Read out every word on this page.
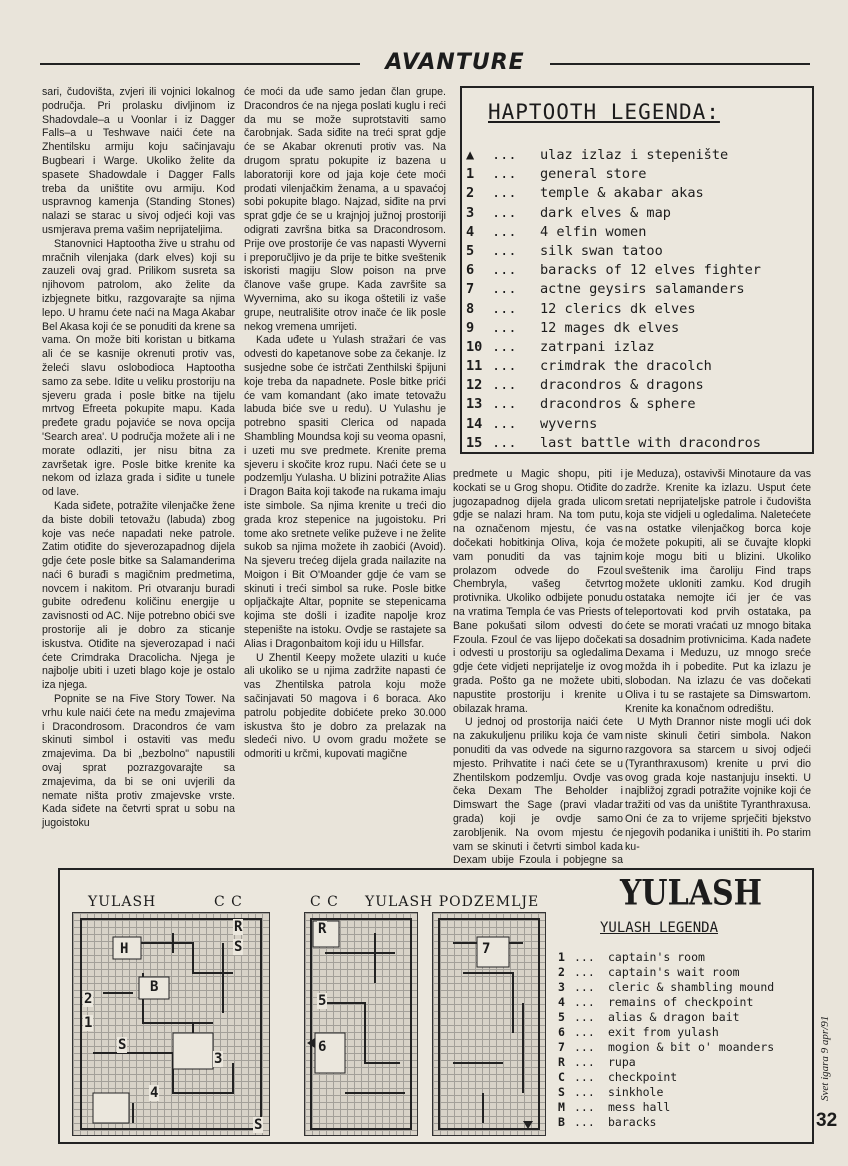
AVANTURE

sari, čudovišta, zvjeri ili vojnici lokalnog područja. Pri prolasku divljinom iz Shadovdale–a u Voonlar i iz Dagger Falls–a u Teshwave naići ćete na Zhentilsku armiju koju sačinjavaju Bugbeari i Warge. Ukoliko želite da spasete Shadowdale i Dagger Falls treba da uništite ovu armiju. Kod uspravnog kamenja (Standing Stones) nalazi se starac u sivoj odjeći koji vas usmjerava prema vašim neprijateljima.

Stanovnici Haptootha žive u strahu od mračnih vilenjaka (dark elves) koji su zauzeli ovaj grad. Prilikom susreta sa njihovom patrolom, ako želite da izbjegnete bitku, razgovarajte sa njima lepo. U hramu ćete naći na Maga Akabar Bel Akasa koji će se ponuditi da krene sa vama. On može biti koristan u bitkama ali će se kasnije okrenuti protiv vas, želeći slavu oslobodioca Haptootha samo za sebe. Idite u veliku prostoriju na sjeveru grada i posle bitke na tijelu mrtvog Efreeta pokupite mapu. Kada pređete gradu pojaviće se nova opcija 'Search area'. U područja možete ali i ne morate odlaziti, jer nisu bitna za završetak igre. Posle bitke krenite ka nekom od izlaza grada i siđite u tunele od lave.

Kada siđete, potražite vilenjačke žene da biste dobili tetovažu (labuda) zbog koje vas neće napadati neke patrole. Zatim otiđite do sjeverozapadnog dijela gdje ćete posle bitke sa Salamanderima naći 6 burađi s magičnim predmetima, novcem i nakitom. Pri otvaranju buradi gubite određenu količinu energije u zavisnosti od AC. Nije potrebno obići sve prostorije ali je dobro za sticanje iskustva. Otiđite na sjeverozapad i naći ćete Crimdraka Dracolicha. Njega je najbolje ubiti i uzeti blago koje je ostalo iza njega.

Popnite se na Five Story Tower. Na vrhu kule naići ćete na među zmajevima i Dracondrosom. Dracondros će vam skinuti simbol i ostaviti vas među zmajevima. Da bi „bezbolno" napustili ovaj sprat pozrazgovarajte sa zmajevima, da bi se oni uvjerili da nemate ništa protiv zmajevske vrste. Kada siđete na četvrti sprat u sobu na jugoistoku

će moći da uđe samo jedan član grupe. Dracondros će na njega poslati kuglu i reći da mu se može suprotstaviti samo čarobnjak. Sada siđite na treći sprat gdje će se Akabar okrenuti protiv vas. Na drugom spratu pokupite iz bazena u laboratoriji kore od jaja koje ćete moći prodati vilenjačkim ženama, a u spavaćoj sobi pokupite blago. Najzad, siđite na prvi sprat gdje će se u krajnjoj južnoj prostoriji odigrati završna bitka sa Dracondrosom. Prije ove prostorije će vas napasti Wyverni i preporučljivo je da prije te bitke sveštenik iskoristi magiju Slow poison na prve članove vaše grupe. Kada završite sa Wyvernima, ako su ikoga oštetili iz vaše grupe, neutrališite otrov inače će lik posle nekog vremena umrijeti.

Kada uđete u Yulash stražari će vas odvesti do kapetanove sobe za čekanje. Iz susjedne sobe će istrčati Zenthilski špijuni koje treba da napadnete. Posle bitke prići će vam komandant (ako imate tetovažu labuda biće sve u redu). U Yulashu je potrebno spasiti Clerica od napada Shambling Moundsa koji su veoma opasni, i uzeti mu sve predmete. Krenite prema sjeveru i skočite kroz rupu. Naći ćete se u podzemlju Yulasha. U blizini potražite Alias i Dragon Baita koji takođe na rukama imaju iste simbole. Sa njima krenite u treći dio grada kroz stepenice na jugoistoku. Pri tome ako sretnete velike puževe i ne želite sukob sa njima možete ih zaobići (Avoid). Na sjeveru trećeg dijela grada nailazite na Moigon i Bit O'Moander gdje će vam se skinuti i treći simbol sa ruke. Posle bitke opljačkajte Altar, popnite se stepenicama kojima ste došli i izađite napolje kroz stepenište na istoku. Ovdje se rastajete sa Alias i Dragonbaitom koji idu u Hillsfar.

U Zhentil Keepy možete ulaziti u kuće ali ukoliko se u njima zadržite napasti će vas Zhentilska patrola koju može sačinjavati 50 magova i 6 boraca. Ako patrolu pobjedite dobićete preko 30.000 iskustva što je dobro za prelazak na sledeći nivo. U ovom gradu možete se odmoriti u krčmi, kupovati magične

HAPTOOTH LEGENDA:
▲ ... ulaz izlaz i stepenište
1 ... general store
2 ... temple & akabar akas
3 ... dark elves & map
4 ... 4 elfin women
5 ... silk swan tatoo
6 ... baracks of 12 elves fighter
7 ... actne geysirs salamanders
8 ... 12 clerics dk elves
9 ... 12 mages dk elves
10 ... zatrpani izlaz
11 ... crimdrak the dracolch
12 ... dracondros & dragons
13 ... dracondros & sphere
14 ... wyverns
15 ... last battle with dracondros

predmete u Magic shopu, piti i kockati se u Grog shopu. Otiđite do jugozapadnog dijela grada ulicom gdje se nalazi hram. Na tom putu, na označenom mjestu, će vas dočekati hobitkinja Oliva, koja će vam ponuditi da vas tajnim prolazom odvede do Fzoul Chembryla, vašeg četvrtog protivnika. Ukoliko odbijete ponudu na vratima Templa će vas Priests of Bane pokušati silom odvesti do Fzoula. Fzoul će vas lijepo dočekati i odvesti u prostoriju sa ogledalima gdje ćete vidjeti neprijatelje iz ovog grada. Pošto ga ne možete ubiti, napustite prostoriju i krenite u obilazak hrama.

U jednoj od prostorija naići ćete na zakukuljenu priliku koja će vam ponuditi da vas odvede na sigurno mjesto. Prihvatite i naći ćete se u Zhentilskom podzemlju. Ovdje vas čeka Dexam The Beholder i Dimswart the Sage (pravi vladar grada) koji je ovdje samo zarobljenik. Na ovom mjestu će vam se skinuti i četvrti simbol kada Dexam ubije Fzoula i pobjegne sa

je Meduza), ostavivši Minotaure da vas zadrže. Krenite ka izlazu. Usput ćete sretati neprijateljske patrole i čudovišta koja ste vidjeli u ogledalima. Naletećete na ostatke vilenjačkog borca koje možete pokupiti, ali se čuvajte klopki koje mogu biti u blizini. Ukoliko sveštenik ima čaroliju Find traps možete ukloniti zamku. Kod drugih ostataka nemojte ići jer će vas teleportovati kod prvih ostataka, pa ćete se morati vraćati uz mnogo bitaka sa dosadnim protivnicima. Kada nađete Dexama i Meduzu, uz mnogo sreće možda ih i pobedite. Put ka izlazu je slobodan. Na izlazu će vas dočekati Oliva i tu se rastajete sa Dimswartom. Krenite ka konačnom odredištu.

U Myth Drannor niste mogli ući dok niste skinuli četiri simbola. Nakon razgovora sa starcem u sivoj odjeći (Tyranthraxusom) krenite u prvi dio ovog grada koje nastanjuju insekti. U najbližoj zgradi potražite vojnike koji će tražiti od vas da uništite Tyranthraxusa. Oni će za to vrijeme sprječiti bjekstvo njegovih podanika i uništiti ih. Po starim ku-

YULASH	C C	C C YULASH PODZEMLJE
H
R
S
B
2
1
S
3
4
S
R
5
6
7
YULASH
YULASH LEGENDA
1 ... captain's room
2 ... captain's wait room
3 ... cleric & shambling mound
4 ... remains of checkpoint
5 ... alias & dragon bait
6 ... exit from yulash
7 ... mogion & bit o' moanders
R ... rupa
C ... checkpoint
S ... sinkhole
M ... mess hall
B ... baracks
Svet igara 9 apr/91
32
